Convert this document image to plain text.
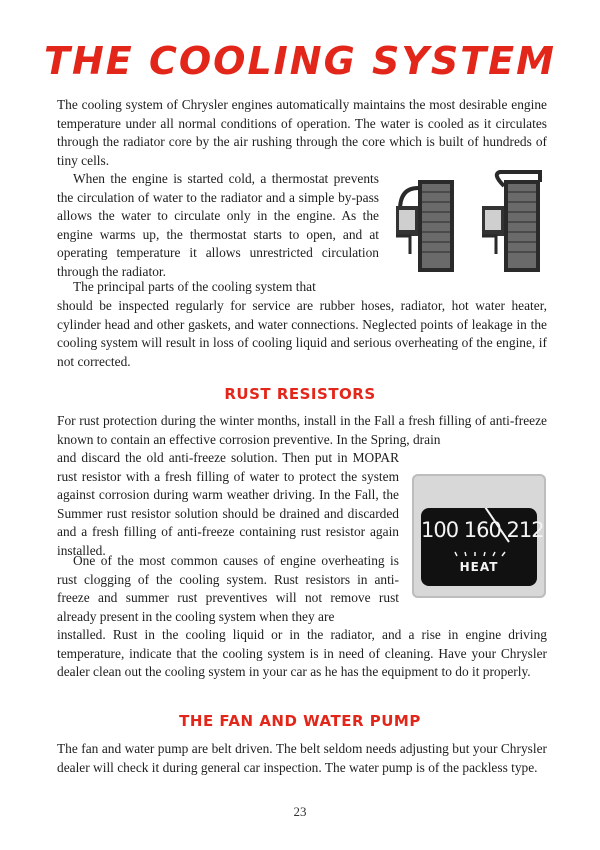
THE COOLING SYSTEM

The cooling system of Chrysler engines automatically maintains the most desirable engine temperature under all normal conditions of operation. The water is cooled as it circulates through the radiator core by the air rushing through the core which is built of hundreds of tiny cells.

When the engine is started cold, a thermostat prevents the circulation of water to the radiator and a simple by-pass allows the water to circulate only in the engine. As the engine warms up, the thermostat starts to open, and at operating temperature it allows unrestricted circulation through the radiator.

The principal parts of the cooling system that

should be inspected regularly for service are rubber hoses, radiator, hot water heater, cylinder head and other gaskets, and water connections. Neglected points of leakage in the cooling system will result in loss of cooling liquid and serious overheating of the engine, if not corrected.

RUST RESISTORS

For rust protection during the winter months, install in the Fall a fresh filling of anti-freeze known to contain an effective corrosion preventive. In the Spring, drain

and discard the old anti-freeze solution. Then put in MOPAR rust resistor with a fresh filling of water to protect the system against corrosion during warm weather driving. In the Fall, the Summer rust resistor solution should be drained and discarded and a fresh filling of anti-freeze containing rust resistor again installed.

One of the most common causes of engine overheating is rust clogging of the cooling system. Rust resistors in anti-freeze and summer rust preventives will not remove rust already present in the cooling system when they are

installed. Rust in the cooling liquid or in the radiator, and a rise in engine driving temperature, indicate that the cooling system is in need of cleaning. Have your Chrysler dealer clean out the cooling system in your car as he has the equipment to do it properly.

100 160 212
HEAT
THE FAN AND WATER PUMP

The fan and water pump are belt driven. The belt seldom needs adjusting but your Chrysler dealer will check it during general car inspection. The water pump is of the packless type.

23
